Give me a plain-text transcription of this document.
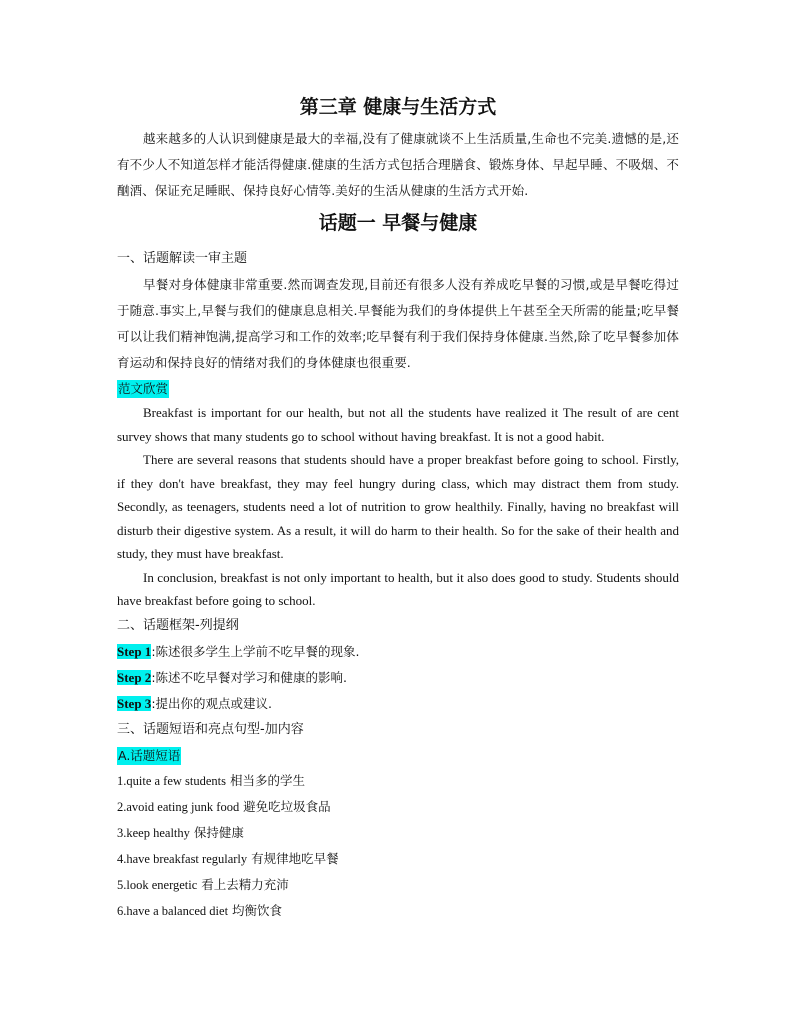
第三章 健康与生活方式

越来越多的人认识到健康是最大的幸福,没有了健康就谈不上生活质量,生命也不完美.遗憾的是,还有不少人不知道怎样才能活得健康.健康的生活方式包括合理膳食、锻炼身体、早起早睡、不吸烟、不酗酒、保证充足睡眠、保持良好心情等.美好的生活从健康的生活方式开始.

话题一 早餐与健康
一、话题解读一审主题

早餐对身体健康非常重要.然而调查发现,目前还有很多人没有养成吃早餐的习惯,或是早餐吃得过于随意.事实上,早餐与我们的健康息息相关.早餐能为我们的身体提供上午甚至全天所需的能量;吃早餐可以让我们精神饱满,提高学习和工作的效率;吃早餐有利于我们保持身体健康.当然,除了吃早餐参加体育运动和保持良好的情绪对我们的身体健康也很重要.

范文欣赏

Breakfast is important for our health, but not all the students have realized it The result of are cent survey shows that many students go to school without having breakfast. It is not a good habit.

There are several reasons that students should have a proper breakfast before going to school. Firstly, if they don't have breakfast, they may feel hungry during class, which may distract them from study. Secondly, as teenagers, students need a lot of nutrition to grow healthily. Finally, having no breakfast will disturb their digestive system. As a result, it will do harm to their health. So for the sake of their health and study, they must have breakfast.

In conclusion, breakfast is not only important to health, but it also does good to study. Students should have breakfast before going to school.

二、话题框架-列提纲
Step 1:陈述很多学生上学前不吃早餐的现象.
Step 2:陈述不吃早餐对学习和健康的影响.
Step 3:提出你的观点或建议.
三、话题短语和亮点句型-加内容
A.话题短语
1.quite a few students 相当多的学生
2.avoid eating junk food 避免吃垃圾食品
3.keep healthy 保持健康
4.have breakfast regularly 有规律地吃早餐
5.look energetic 看上去精力充沛
6.have a balanced diet 均衡饮食
